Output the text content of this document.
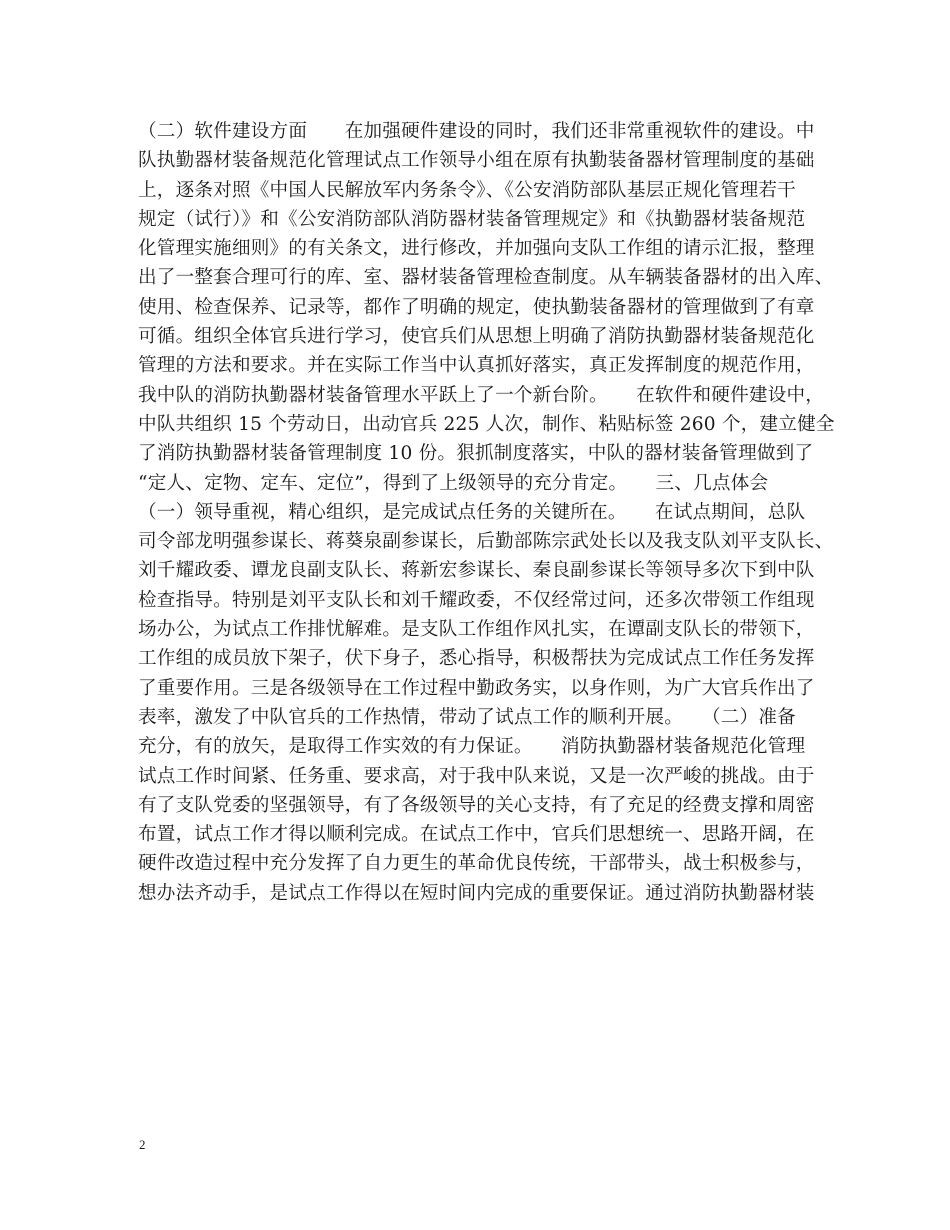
（二）软件建设方面　　在加强硬件建设的同时，我们还非常重视软件的建设。中
队执勤器材装备规范化管理试点工作领导小组在原有执勤装备器材管理制度的基础
上，逐条对照《中国人民解放军内务条令》、《公安消防部队基层正规化管理若干
规定（试行）》和《公安消防部队消防器材装备管理规定》和《执勤器材装备规范
化管理实施细则》的有关条文，进行修改，并加强向支队工作组的请示汇报，整理
出了一整套合理可行的库、室、器材装备管理检查制度。从车辆装备器材的出入库、
使用、检查保养、记录等，都作了明确的规定，使执勤装备器材的管理做到了有章
可循。组织全体官兵进行学习，使官兵们从思想上明确了消防执勤器材装备规范化
管理的方法和要求。并在实际工作当中认真抓好落实，真正发挥制度的规范作用，
我中队的消防执勤器材装备管理水平跃上了一个新台阶。　　在软件和硬件建设中，
中队共组织 15 个劳动日，出动官兵 225 人次，制作、粘贴标签 260 个，建立健全
了消防执勤器材装备管理制度 10 份。狠抓制度落实，中队的器材装备管理做到了
“定人、定物、定车、定位”，得到了上级领导的充分肯定。　　三、几点体会
（一）领导重视，精心组织，是完成试点任务的关键所在。　　在试点期间，总队
司令部龙明强参谋长、蒋葵泉副参谋长，后勤部陈宗武处长以及我支队刘平支队长、
刘千耀政委、谭龙良副支队长、蒋新宏参谋长、秦良副参谋长等领导多次下到中队
检查指导。特别是刘平支队长和刘千耀政委，不仅经常过问，还多次带领工作组现
场办公，为试点工作排忧解难。是支队工作组作风扎实，在谭副支队长的带领下，
工作组的成员放下架子，伏下身子，悉心指导，积极帮扶为完成试点工作任务发挥
了重要作用。三是各级领导在工作过程中勤政务实，以身作则，为广大官兵作出了
表率，激发了中队官兵的工作热情，带动了试点工作的顺利开展。　　（二）准备
充分，有的放矢，是取得工作实效的有力保证。　　消防执勤器材装备规范化管理
试点工作时间紧、任务重、要求高，对于我中队来说，又是一次严峻的挑战。由于
有了支队党委的坚强领导，有了各级领导的关心支持，有了充足的经费支撑和周密
布置，试点工作才得以顺利完成。在试点工作中，官兵们思想统一、思路开阔，在
硬件改造过程中充分发挥了自力更生的革命优良传统，干部带头，战士积极参与，
想办法齐动手，是试点工作得以在短时间内完成的重要保证。通过消防执勤器材装
2
